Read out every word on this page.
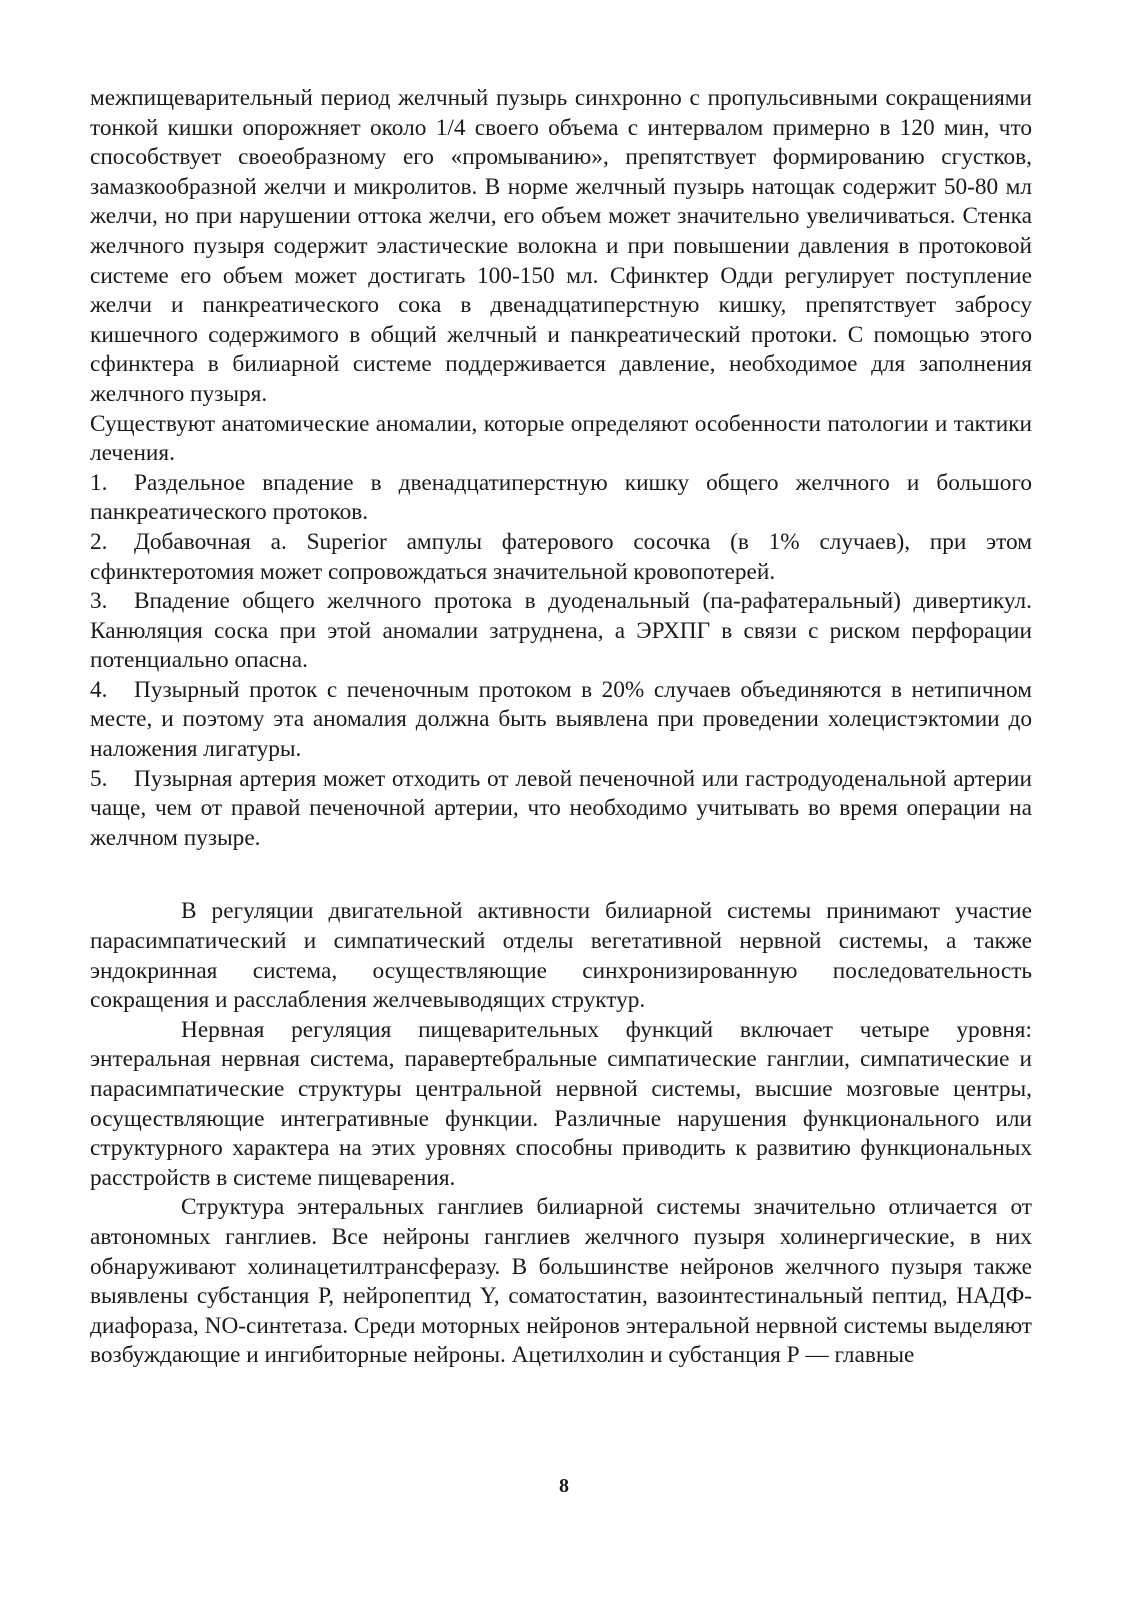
межпищеварительный период желчный пузырь синхронно с пропульсивными сокращениями тонкой кишки опорожняет около 1/4 своего объема с интервалом примерно в 120 мин, что способствует своеобразному его «промыванию», препятствует формированию сгустков, замазкообразной желчи и микролитов. В норме желчный пузырь натощак содержит 50-80 мл желчи, но при нарушении оттока желчи, его объем может значительно увеличиваться. Стенка желчного пузыря содержит эластические волокна и при повышении давления в протоковой системе его объем может достигать 100-150 мл. Сфинктер Одди регулирует поступление желчи и панкреатического сока в двенадцатиперстную кишку, препятствует забросу кишечного содержимого в общий желчный и панкреатический протоки. С помощью этого сфинктера в билиарной системе поддерживается давление, необходимое для заполнения желчного пузыря.

Существуют анатомические аномалии, которые определяют особенности патологии и тактики лечения.

1. Раздельное впадение в двенадцатиперстную кишку общего желчного и большого панкреатического протоков.

2. Добавочная a. Superior ампулы фатерового сосочка (в 1% случаев), при этом сфинктеротомия может сопровождаться значительной кровопотерей.

3. Впадение общего желчного протока в дуоденальный (па-рафатеральный) дивертикул. Канюляция соска при этой аномалии затруднена, а ЭРХПГ в связи с риском перфорации потенциально опасна.

4. Пузырный проток с печеночным протоком в 20% случаев объединяются в нетипичном месте, и поэтому эта аномалия должна быть выявлена при проведении холецистэктомии до наложения лигатуры.

5. Пузырная артерия может отходить от левой печеночной или гастродуоденальной артерии чаще, чем от правой печеночной артерии, что необходимо учитывать во время операции на желчном пузыре.

В регуляции двигательной активности билиарной системы принимают участие парасимпатический и симпатический отделы вегетативной нервной системы, а также эндокринная система, осуществляющие синхронизированную последовательность сокращения и расслабления желчевыводящих структур.

Нервная регуляция пищеварительных функций включает четыре уровня: энтеральная нервная система, паравертебральные симпатические ганглии, симпатические и парасимпатические структуры центральной нервной системы, высшие мозговые центры, осуществляющие интегративные функции. Различные нарушения функционального или структурного характера на этих уровнях способны приводить к развитию функциональных расстройств в системе пищеварения.

Структура энтеральных ганглиев билиарной системы значительно отличается от автономных ганглиев. Все нейроны ганглиев желчного пузыря холинергические, в них обнаруживают холинацетилтрансферазу. В большинстве нейронов желчного пузыря также выявлены субстанция Р, нейропептид Y, соматостатин, вазоинтестинальный пептид, НАДФ-диафораза, NO-синтетаза. Среди моторных нейронов энтеральной нервной системы выделяют возбуждающие и ингибиторные нейроны. Ацетилхолин и субстанция Р — главные

8
